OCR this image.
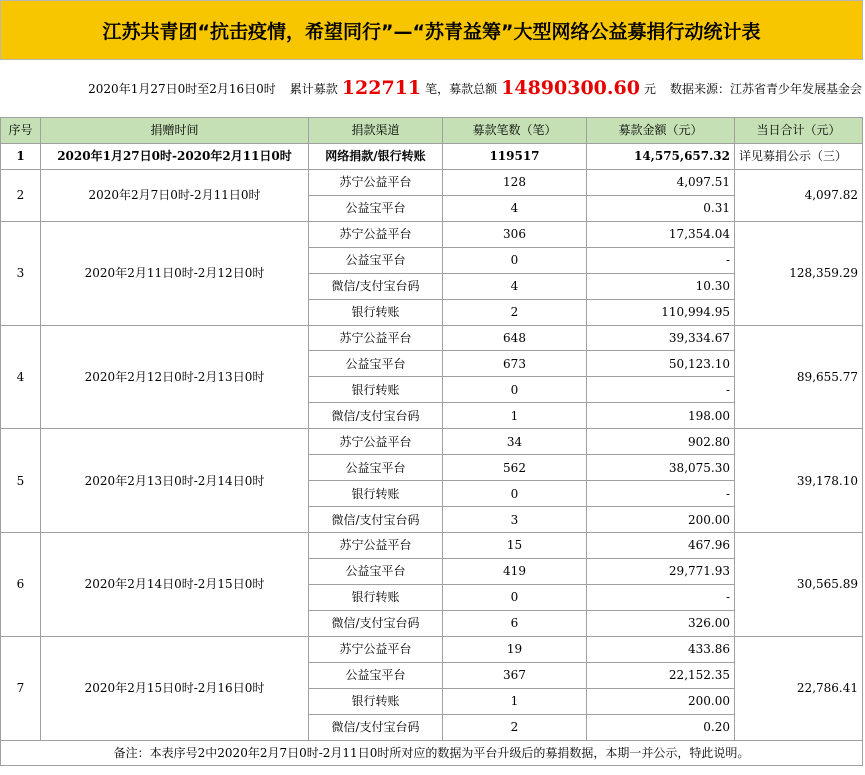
江苏共青团“抗击疫情，希望同行”—“苏青益筹”大型网络公益募捐行动统计表
2020年1月27日0时至2月16日0时 累计募款 122711 笔，募款总额 14890300.60 元 数据来源：江苏省青少年发展基金会
序号	捐赠时间	捐款渠道	募款笔数（笔）	募款金额（元）	当日合计（元）
1	2020年1月27日0时-2020年2月11日0时	网络捐款/银行转账	119517	14,575,657.32	详见募捐公示（三）
2	2020年2月7日0时-2月11日0时	苏宁公益平台	128	4,097.51	4,097.82
		公益宝平台	4	0.31	
3	2020年2月11日0时-2月12日0时	苏宁公益平台	306	17,354.04	128,359.29
		公益宝平台	0	-	
		微信/支付宝台码	4	10.30	
		银行转账	2	110,994.95	
4	2020年2月12日0时-2月13日0时	苏宁公益平台	648	39,334.67	89,655.77
		公益宝平台	673	50,123.10	
		银行转账	0	-	
		微信/支付宝台码	1	198.00	
5	2020年2月13日0时-2月14日0时	苏宁公益平台	34	902.80	39,178.10
		公益宝平台	562	38,075.30	
		银行转账	0	-	
		微信/支付宝台码	3	200.00	
6	2020年2月14日0时-2月15日0时	苏宁公益平台	15	467.96	30,565.89
		公益宝平台	419	29,771.93	
		银行转账	0	-	
		微信/支付宝台码	6	326.00	
7	2020年2月15日0时-2月16日0时	苏宁公益平台	19	433.86	22,786.41
		公益宝平台	367	22,152.35	
		银行转账	1	200.00	
		微信/支付宝台码	2	0.20	
备注：本表序号2中2020年2月7日0时-2月11日0时所对应的数据为平台升级后的募捐数据，本期一并公示，特此说明。					
